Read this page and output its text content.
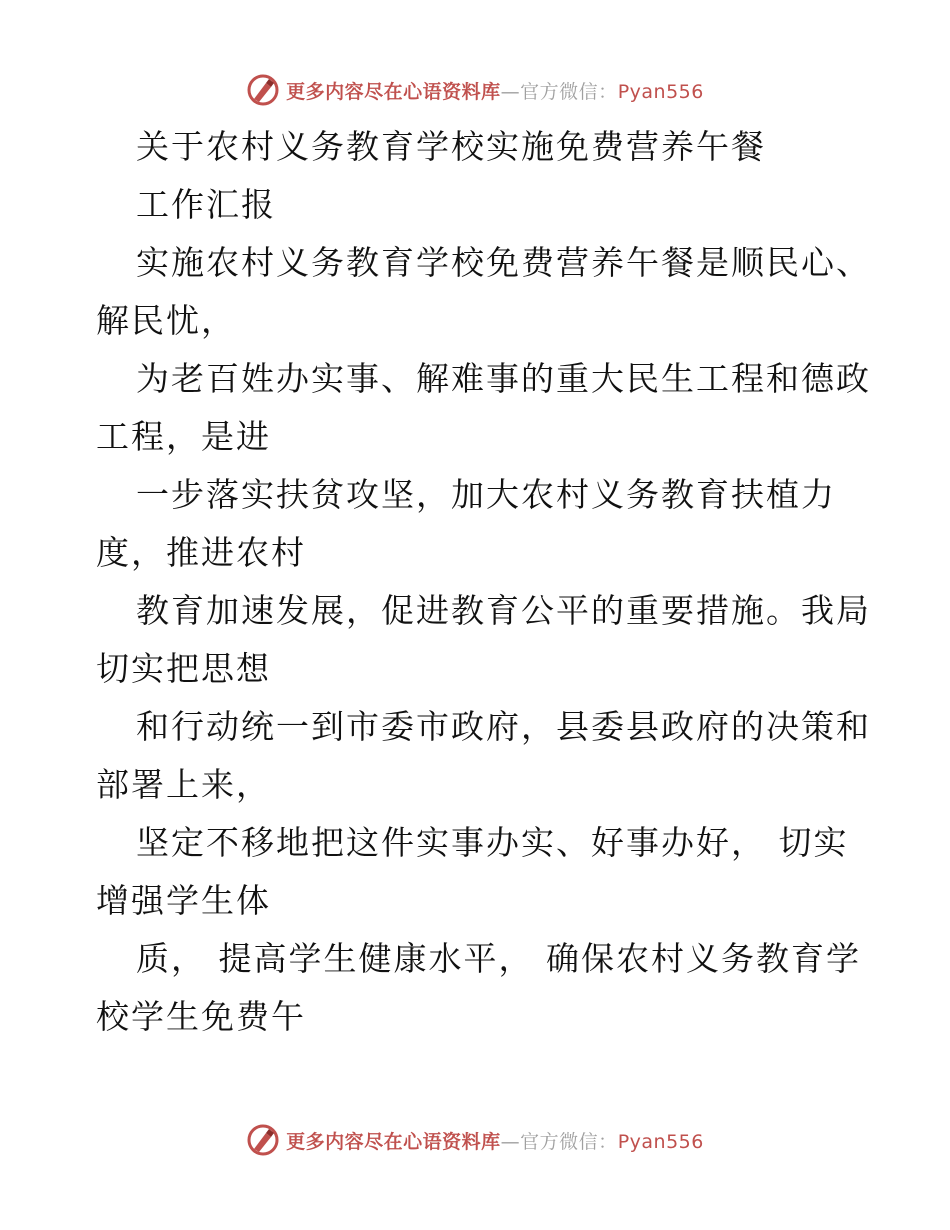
更多内容尽在心语资料库—官方微信：Pyan556
关于农村义务教育学校实施免费营养午餐
工作汇报
实施农村义务教育学校免费营养午餐是顺民心、
解民忧，
为老百姓办实事、解难事的重大民生工程和德政
工程，是进
一步落实扶贫攻坚，加大农村义务教育扶植力
度，推进农村
教育加速发展，促进教育公平的重要措施。我局
切实把思想
和行动统一到市委市政府，县委县政府的决策和
部署上来，
坚定不移地把这件实事办实、好事办好， 切实
增强学生体
质， 提高学生健康水平， 确保农村义务教育学
校学生免费午
更多内容尽在心语资料库—官方微信：Pyan556
